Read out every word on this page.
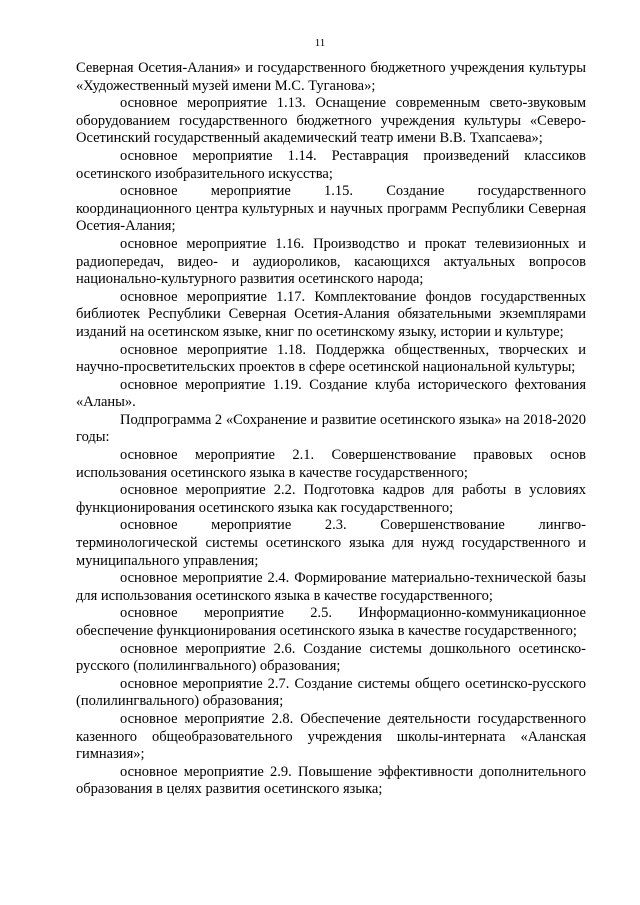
11

Северная Осетия-Алания» и государственного бюджетного учреждения культуры «Художественный музей имени М.С. Туганова»;

основное мероприятие 1.13. Оснащение современным свето-звуковым оборудованием государственного бюджетного учреждения культуры «Северо-Осетинский государственный академический театр имени В.В. Тхапсаева»;

основное мероприятие 1.14. Реставрация произведений классиков осетинского изобразительного искусства;

основное мероприятие 1.15. Создание государственного координационного центра культурных и научных программ Республики Северная Осетия-Алания;

основное мероприятие 1.16. Производство и прокат телевизионных и радиопередач, видео- и аудиороликов, касающихся актуальных вопросов национально-культурного развития осетинского народа;

основное мероприятие 1.17. Комплектование фондов государственных библиотек Республики Северная Осетия-Алания обязательными экземплярами изданий на осетинском языке, книг по осетинскому языку, истории и культуре;

основное мероприятие 1.18. Поддержка общественных, творческих и научно-просветительских проектов в сфере осетинской национальной культуры;

основное мероприятие 1.19. Создание клуба исторического фехтования «Аланы».

Подпрограмма 2 «Сохранение и развитие осетинского языка» на 2018-2020 годы:

основное мероприятие 2.1. Совершенствование правовых основ использования осетинского языка в качестве государственного;

основное мероприятие 2.2. Подготовка кадров для работы в условиях функционирования осетинского языка как государственного;

основное мероприятие 2.3. Совершенствование лингво-терминологической системы осетинского языка для нужд государственного и муниципального управления;

основное мероприятие 2.4. Формирование материально-технической базы для использования осетинского языка в качестве государственного;

основное мероприятие 2.5. Информационно-коммуникационное обеспечение функционирования осетинского языка в качестве государственного;

основное мероприятие 2.6. Создание системы дошкольного осетинско-русского (полилингвального) образования;

основное мероприятие 2.7. Создание системы общего осетинско-русского (полилингвального) образования;

основное мероприятие 2.8. Обеспечение деятельности государственного казенного общеобразовательного учреждения школы-интерната «Аланская гимназия»;

основное мероприятие 2.9. Повышение эффективности дополнительного образования в целях развития осетинского языка;
